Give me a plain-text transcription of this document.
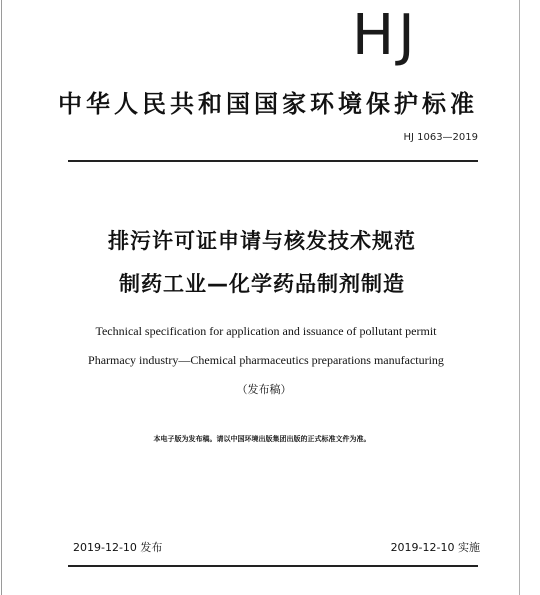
HJ
中华人民共和国国家环境保护标准
HJ 1063—2019
排污许可证申请与核发技术规范
制药工业—化学药品制剂制造
Technical specification for application and issuance of pollutant permit
Pharmacy industry—Chemical pharmaceutics preparations manufacturing
（发布稿）
本电子版为发布稿。请以中国环境出版集团出版的正式标准文件为准。
2019-12-10 发布	2019-12-10 实施
